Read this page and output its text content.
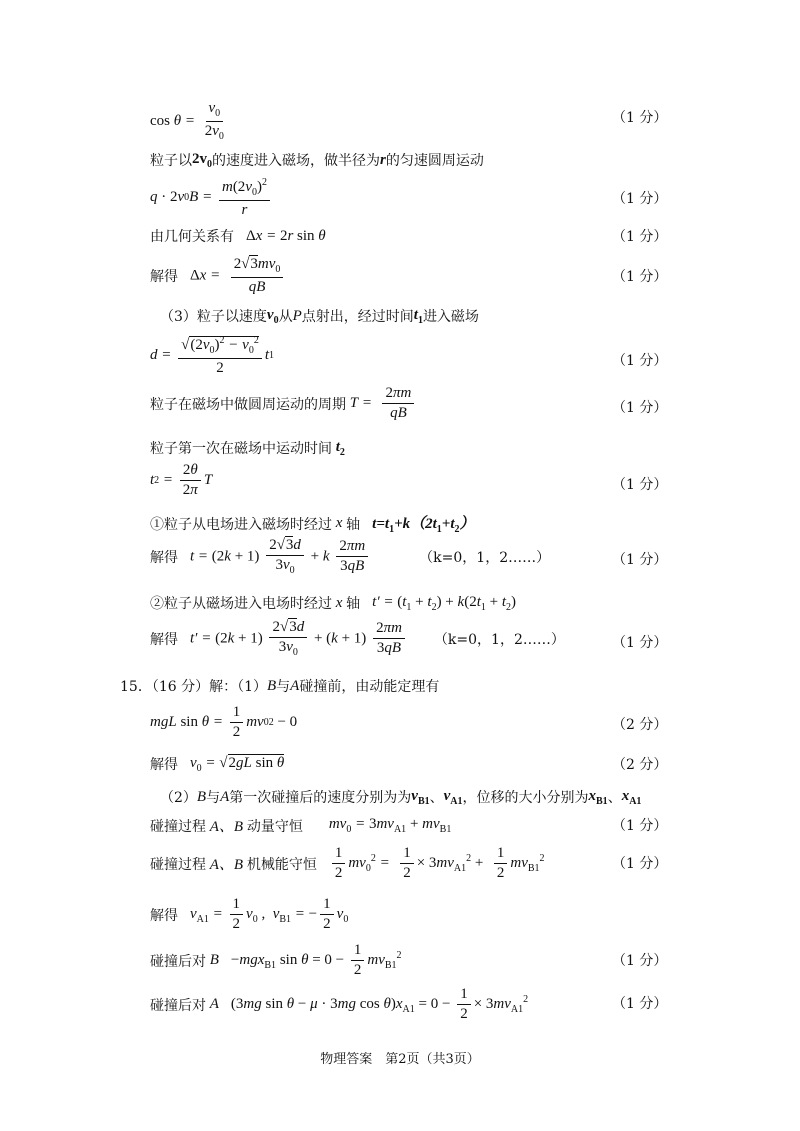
$\cos \theta = \frac{v_0}{2v_0}$	（1 分）
粒子以 $2v_0$ 的速度进入磁场，做半径为 r 的匀速圆周运动
q · 2 v 0 $B = \frac{m(2v_0)^2}{r}$	（1 分）
由几何关系有 Δx = 2r sin θ	（1 分）
解得 $\Delta x = \frac{2√3mv_0}{qB}$	（1 分）
（3）粒子以速度 $v_0$ 从 P 点射出，经过时间 $t_1$ 进入磁场
$d = \frac{√(2v_0)^2 - v_0^2}{2}$ t 1	（1 分）
粒子在磁场中做圆周运动的周期 $T = \frac{2\pi m}{qB}$	（1 分）
粒子第一次在磁场中运动时间 $t_2$
t $2 = \frac{2\theta}{2\pi}$ T	（1 分）
①粒子从电场进入磁场时经过 x 轴 $t=t_1+k(2t_1+t_2)$
解得 $t = (2k + 1) \frac{2√3d}{3v_0} + k \frac{2\pi m}{3qB}$	（k=0，1，2……）	（1 分）
②粒子从磁场进入电场时经过 x 轴 $t' = (t_1 + t_2) + k(2t_1 + t_2)$
解得 $t' = (2k + 1) \frac{2√3d}{3v_0} + (k + 1) \frac{2\pi m}{3qB} (k=0$，1，2……）	（1 分）
15．（16 分）解：（1） B 与 A 碰撞前，由动能定理有
mgL $\sin \theta = \frac{1}{2}$ mv 0 2
− 0	（2 分）
解得 $v_0 = √2gL$ sin θ	（2 分）
（2） B 与 A 第一次碰撞后的速度分别为为 $v_{B1}$ 、 $v_{A1}$ ，位移的大小分别为 $x_{B1}$ 、 $x_{A1}$
碰撞过程 A、B 动量守恒 $mv_0 = 3mv_{A1} + mv_{B1}$	（1 分）
碰撞过程 A、B 机械能守恒 $\frac{1}{2} mv_0^2 = \frac{1}{2} \times 3mv_{A1}^2 + \frac{1}{2} mv_{B1}^2$	（1 分）
解得 $v_{A1} = \frac{1}{2} v_0$ ,  $v_{B1}$ = − $\frac{1}{2} v_0$
碰撞后对 B −mgx$_{B1}$ $\sin \theta = 0 - \frac{1}{2} mv_{B1}^2$	（1 分）
碰撞后对 A (3mg sin θ − μ · 3mg $\cos \theta)x_{A1} = 0 - \frac{1}{2} \times 3mv_{A1}^2$	（1 分）
物理答案　第2页（共3页）
